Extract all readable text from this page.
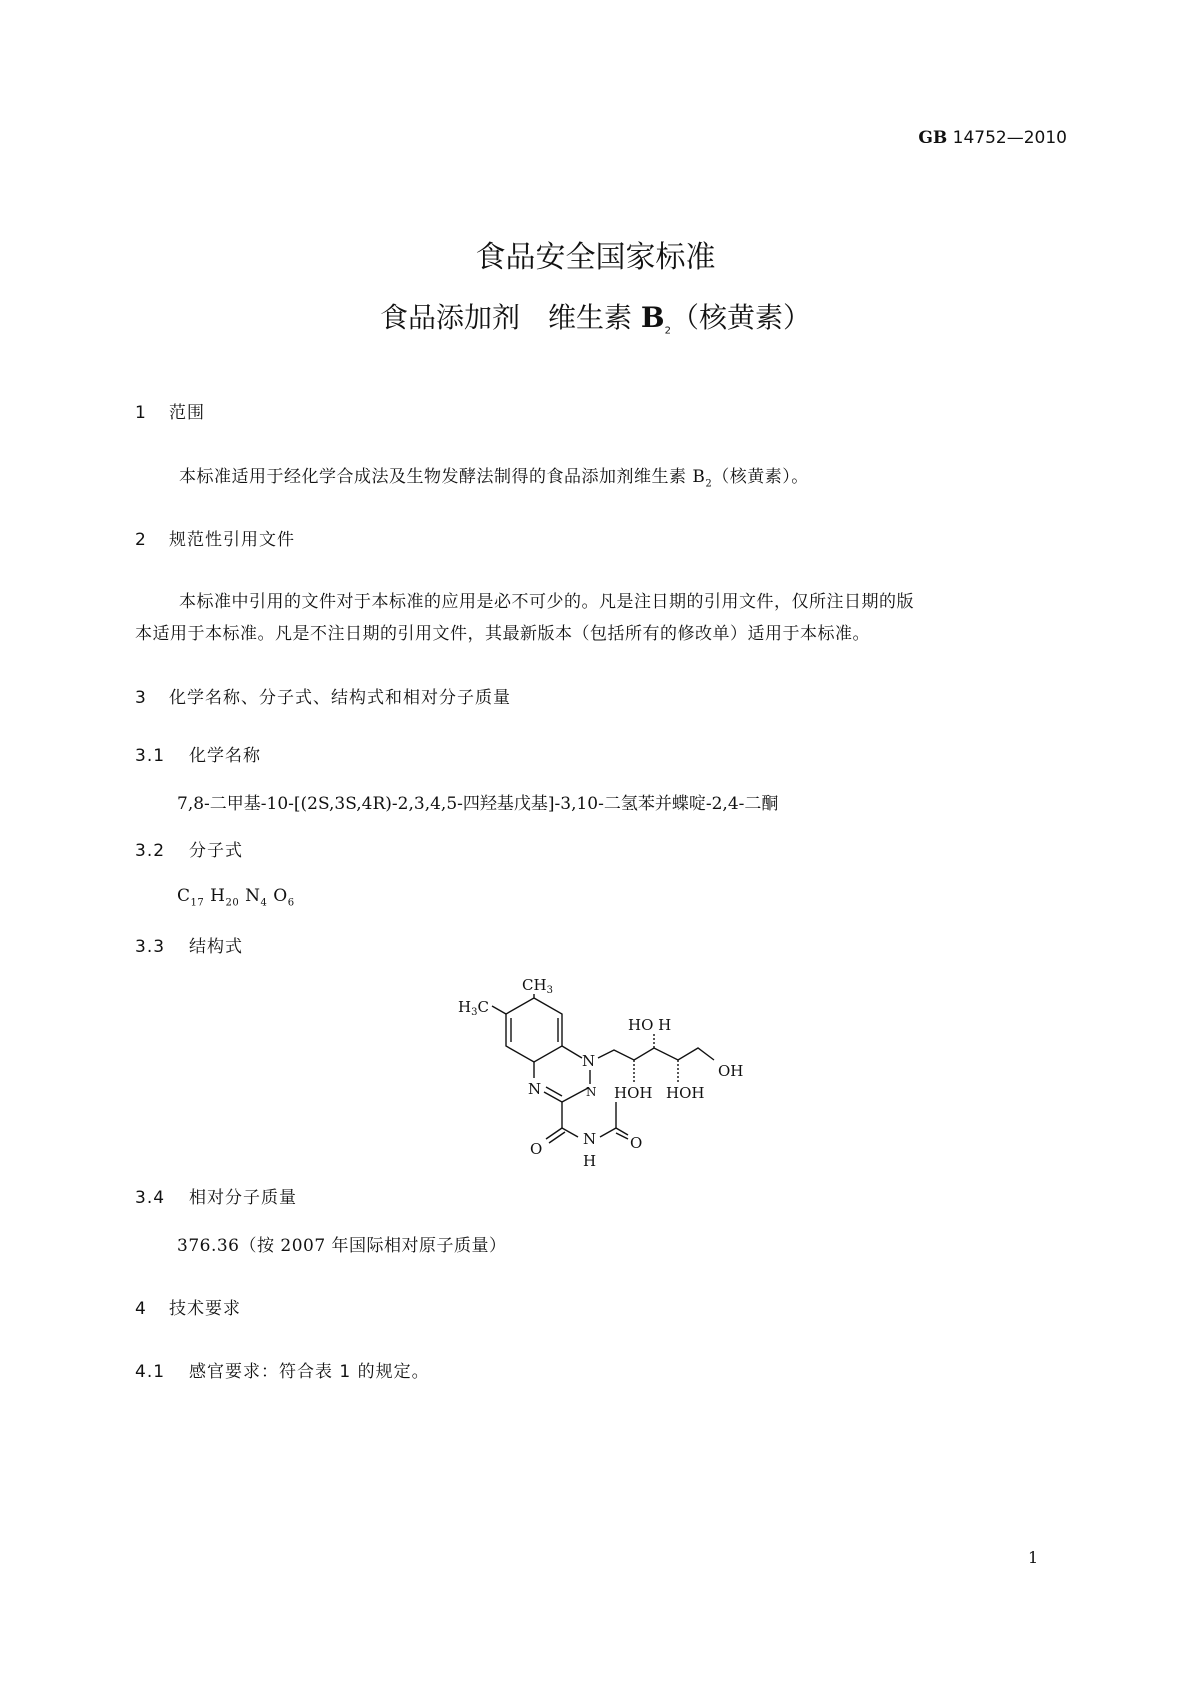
GB 14752—2010
食品安全国家标准
食品添加剂　维生素 $B_2$（核黄素）
1 范围
本标准适用于经化学合成法及生物发酵法制得的食品添加剂维生素 $B_2$（核黄素）。
2 规范性引用文件
本标准中引用的文件对于本标准的应用是必不可少的。凡是注日期的引用文件，仅所注日期的版
本适用于本标准。凡是不注日期的引用文件，其最新版本（包括所有的修改单）适用于本标准。
3 化学名称、分子式、结构式和相对分子质量
3.1 化学名称
7,8-二甲基-10-[(2S,3S,4R)-2,3,4,5-四羟基戊基]-3,10-二氢苯并蝶啶-2,4-二酮
3.2 分子式
$C_{17}$ $H_{20}$ $N_4$ $O_6$
3.3 结构式
$CH_3$
$H_3C$
N
N	N
N
H
O	O
HO H
OH
HOH HOH
3.4 相对分子质量
376.36（按 2007 年国际相对原子质量）
4 技术要求
4.1 感官要求：符合表 1 的规定。
1
